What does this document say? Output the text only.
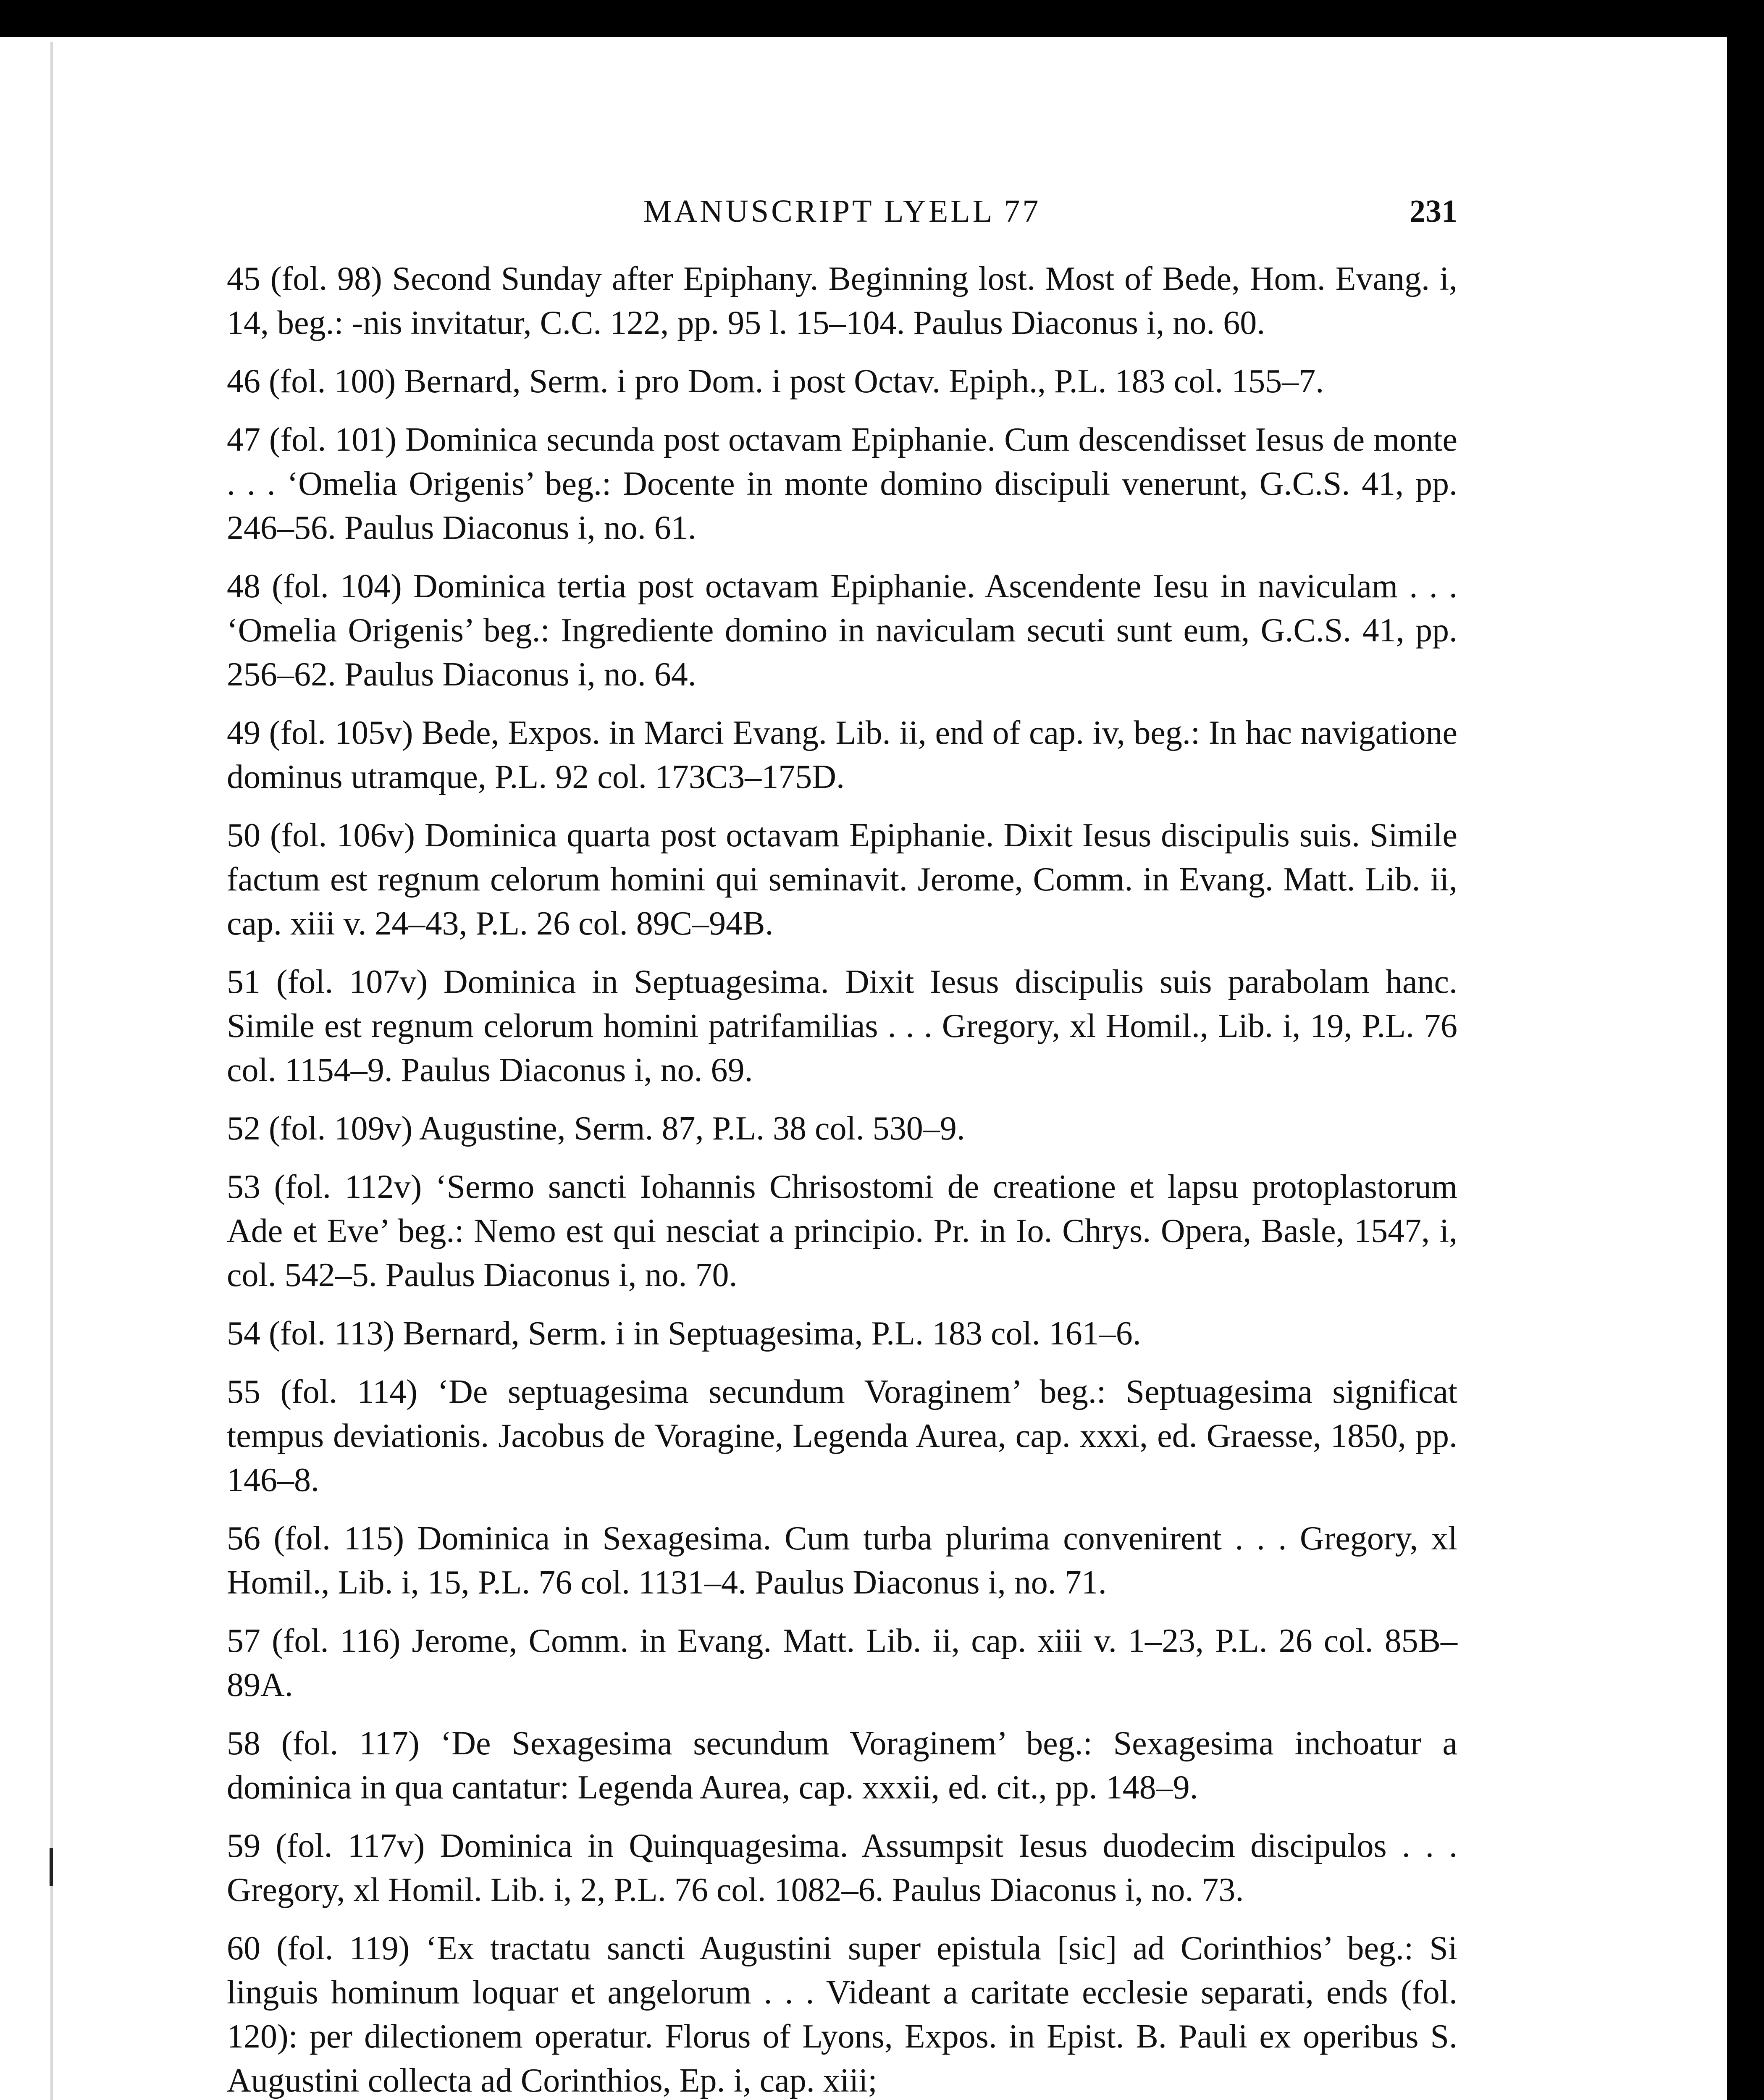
MANUSCRIPT LYELL 77	231

45 (fol. 98) Second Sunday after Epiphany. Beginning lost. Most of Bede, Hom. Evang. i, 14, beg.: -nis invitatur, C.C. 122, pp. 95 l. 15–104. Paulus Diaconus i, no. 60.

46 (fol. 100) Bernard, Serm. i pro Dom. i post Octav. Epiph., P.L. 183 col. 155–7.

47 (fol. 101) Dominica secunda post octavam Epiphanie. Cum descendisset Iesus de monte . . . ‘Omelia Origenis’ beg.: Docente in monte domino discipuli venerunt, G.C.S. 41, pp. 246–56. Paulus Diaconus i, no. 61.

48 (fol. 104) Dominica tertia post octavam Epiphanie. Ascendente Iesu in naviculam . . . ‘Omelia Origenis’ beg.: Ingrediente domino in naviculam secuti sunt eum, G.C.S. 41, pp. 256–62. Paulus Diaconus i, no. 64.

49 (fol. 105v) Bede, Expos. in Marci Evang. Lib. ii, end of cap. iv, beg.: In hac navigatione dominus utramque, P.L. 92 col. 173C3–175D.

50 (fol. 106v) Dominica quarta post octavam Epiphanie. Dixit Iesus discipulis suis. Simile factum est regnum celorum homini qui seminavit. Jerome, Comm. in Evang. Matt. Lib. ii, cap. xiii v. 24–43, P.L. 26 col. 89C–94B.

51 (fol. 107v) Dominica in Septuagesima. Dixit Iesus discipulis suis parabolam hanc. Simile est regnum celorum homini patrifamilias . . . Gregory, xl Homil., Lib. i, 19, P.L. 76 col. 1154–9. Paulus Diaconus i, no. 69.

52 (fol. 109v) Augustine, Serm. 87, P.L. 38 col. 530–9.

53 (fol. 112v) ‘Sermo sancti Iohannis Chrisostomi de creatione et lapsu protoplastorum Ade et Eve’ beg.: Nemo est qui nesciat a principio. Pr. in Io. Chrys. Opera, Basle, 1547, i, col. 542–5. Paulus Diaconus i, no. 70.

54 (fol. 113) Bernard, Serm. i in Septuagesima, P.L. 183 col. 161–6.

55 (fol. 114) ‘De septuagesima secundum Voraginem’ beg.: Septuagesima significat tempus deviationis. Jacobus de Voragine, Legenda Aurea, cap. xxxi, ed. Graesse, 1850, pp. 146–8.

56 (fol. 115) Dominica in Sexagesima. Cum turba plurima convenirent . . . Gregory, xl Homil., Lib. i, 15, P.L. 76 col. 1131–4. Paulus Diaconus i, no. 71.

57 (fol. 116) Jerome, Comm. in Evang. Matt. Lib. ii, cap. xiii v. 1–23, P.L. 26 col. 85B–89A.

58 (fol. 117) ‘De Sexagesima secundum Voraginem’ beg.: Sexagesima inchoatur a dominica in qua cantatur: Legenda Aurea, cap. xxxii, ed. cit., pp. 148–9.

59 (fol. 117v) Dominica in Quinquagesima. Assumpsit Iesus duodecim discipulos . . . Gregory, xl Homil. Lib. i, 2, P.L. 76 col. 1082–6. Paulus Diaconus i, no. 73.

60 (fol. 119) ‘Ex tractatu sancti Augustini super epistula [sic] ad Corinthios’ beg.: Si linguis hominum loquar et angelorum . . . Videant a caritate ecclesie separati, ends (fol. 120): per dilectionem operatur. Florus of Lyons, Expos. in Epist. B. Pauli ex operibus S. Augustini collecta ad Corinthios, Ep. i, cap. xiii;
